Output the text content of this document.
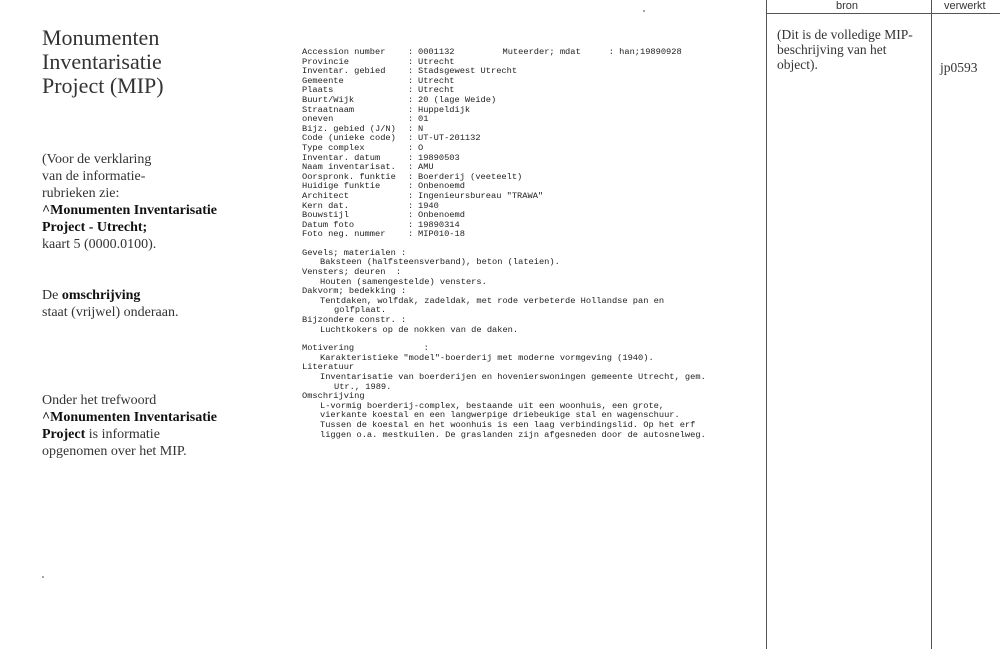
Monumenten
Inventarisatie
Project (MIP)
(Voor de verklaring
van de informatie-
rubrieken zie:
^Monumenten Inventarisatie
Project - Utrecht;
kaart 5 (0000.0100).
De omschrijving
staat (vrijwel) onderaan.
Onder het trefwoord
^Monumenten Inventarisatie
Project is informatie
opgenomen over het MIP.
Accession number	: 0001132	Muteerder; mdat	: han;19890928
Provincie	: Utrecht
Inventar. gebied	: Stadsgewest Utrecht
Gemeente	: Utrecht
Plaats	: Utrecht
Buurt/Wijk	: 20 (lage Weide)
Straatnaam	: Huppeldijk
oneven	: 01
Bijz. gebied (J/N)	: N
Code (unieke code)	: UT-UT-201132
Type complex	: O
Inventar. datum	: 19890503
Naam inventarisat.	: AMU
Oorspronk. funktie	: Boerderij (veeteelt)
Huidige funktie	: Onbenoemd
Architect	: Ingenieursbureau "TRAWA"
Kern dat.	: 1940
Bouwstijl	: Onbenoemd
Datum foto	: 19890314
Foto neg. nummer	: MIP010-18
Gevels; materialen :
Baksteen (halfsteensverband), beton (lateien).
Vensters; deuren  :
Houten (samengestelde) vensters.
Dakvorm; bedekking :
Tentdaken, wolfdak, zadeldak, met rode verbeterde Hollandse pan en
golfplaat.
Bijzondere constr. :
Luchtkokers op de nokken van de daken.
Motivering	:
Karakteristieke "model"-boerderij met moderne vormgeving (1940).
Literatuur
Inventarisatie van boerderijen en hovenierswoningen gemeente Utrecht, gem.
Utr., 1989.
Omschrijving
L-vormig boerderij-complex, bestaande uit een woonhuis, een grote,
vierkante koestal en een langwerpige driebeukige stal en wagenschuur.
Tussen de koestal en het woonhuis is een laag verbindingslid. Op het erf
liggen o.a. mestkuilen. De graslanden zijn afgesneden door de autosnelweg.
bron	verwerkt
(Dit is de volledige MIP-beschrijving van het object).	jp0593
